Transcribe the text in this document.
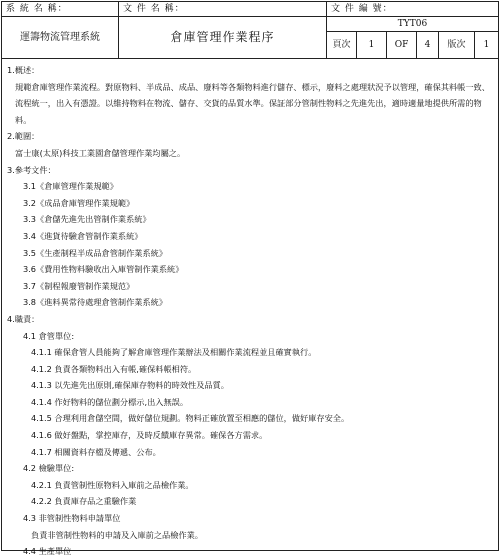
系 統 名 稱：
運籌物流管理系統
文 件 名 稱：
倉庫管理作業程序
文 件 編 號：
TYT06
頁次	1	OF	4	版次	1
1.概述：
規範倉庫管理作業流程。對原物料、半成品、成品、廢料等各類物料進行儲存、標示，廢料之處理狀況予以管理，確保其料帳一致、流程統一，出入有憑證。以維持物料在物流、儲存、交貨的品質水準。保証部分管制性物料之先進先出，適時適量地提供所需的物料。
2.範圍：
富士康(太原)科技工業園倉儲管理作業均屬之。
3.參考文件：
3.1《倉庫管理作業規範》
3.2《成品倉庫管理作業規範》
3.3《倉儲先進先出管制作業系統》
3.4《進貨待驗倉管制作業系統》
3.5《生產制程半成品倉管制作業系統》
3.6《費用性物料驗收出入庫管制作業系統》
3.7《制程報廢管制作業規范》
3.8《進料異常待處理倉管制作業系統》
4.職責：
4.1 倉管單位:
4.1.1 確保倉管人員能夠了解倉庫管理作業辦法及相關作業流程並且確實執行。
4.1.2 負責各類物料出入有帳,確保料帳相符。
4.1.3 以先進先出原則,確保庫存物料的時效性及品質。
4.1.4 作好物料的儲位劃分標示,出入無誤。
4.1.5 合理利用倉儲空間，做好儲位規劃。物料正確放置至相應的儲位，做好庫存安全。
4.1.6 做好盤點，掌控庫存，及時反饋庫存異常。確保各方需求。
4.1.7 相關資料存檔及傳遞、公布。
4.2 檢驗單位:
4.2.1 負責管制性原物料入庫前之品檢作業。
4.2.2 負責庫存品之重驗作業
4.3 非管制性物料申請單位
負責非管制性物料的申請及入庫前之品檢作業。
4.4 生產單位
